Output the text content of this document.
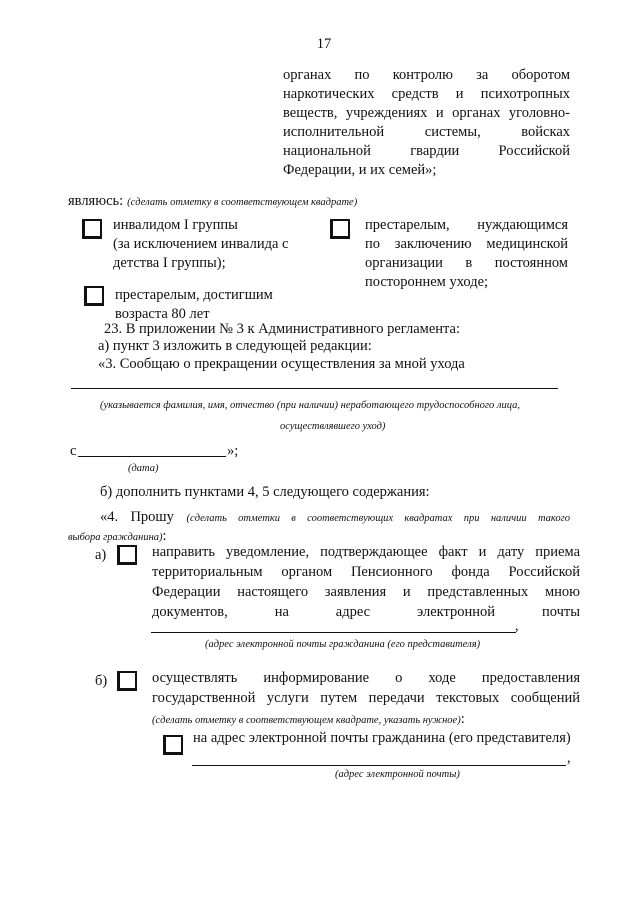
17
органах по контролю за оборотом
наркотических средств и психотропных
веществ, учреждениях и органах уголовно-
исполнительной системы, войсках
национальной гвардии Российской
Федерации, и их семей»;
являюсь: (сделать отметку в соответствующем квадрате)
инвалидом I группы
(за исключением инвалида с
детства I группы);
престарелым, нуждающимся
по заключению медицинской
организации в постоянном
постороннем уходе;
престарелым, достигшим
возраста 80 лет
23. В приложении № 3 к Административного регламента:
а) пункт 3 изложить в следующей редакции:
«3. Сообщаю о прекращении осуществления за мной ухода
(указывается фамилия, имя, отчество (при наличии) неработающего трудоспособного лица,
осуществлявшего уход)
с	»;
(дата)
б) дополнить пунктами 4, 5 следующего содержания:
«4. Прошу (сделать отметки в соответствующих квадратах при наличии такого
выбора гражданина):
а)	направить уведомление, подтверждающее факт и дату приема
территориальным органом Пенсионного фонда Российской
Федерации настоящего заявления и представленных мною
документов, на адрес электронной почты
,
(адрес электронной почты гражданина (его представителя)
б)	осуществлять информирование о ходе предоставления
государственной услуги путем передачи текстовых сообщений
(сделать отметку в соответствующем квадрате, указать нужное):
на адрес электронной почты гражданина (его представителя)
,
(адрес электронной почты)
